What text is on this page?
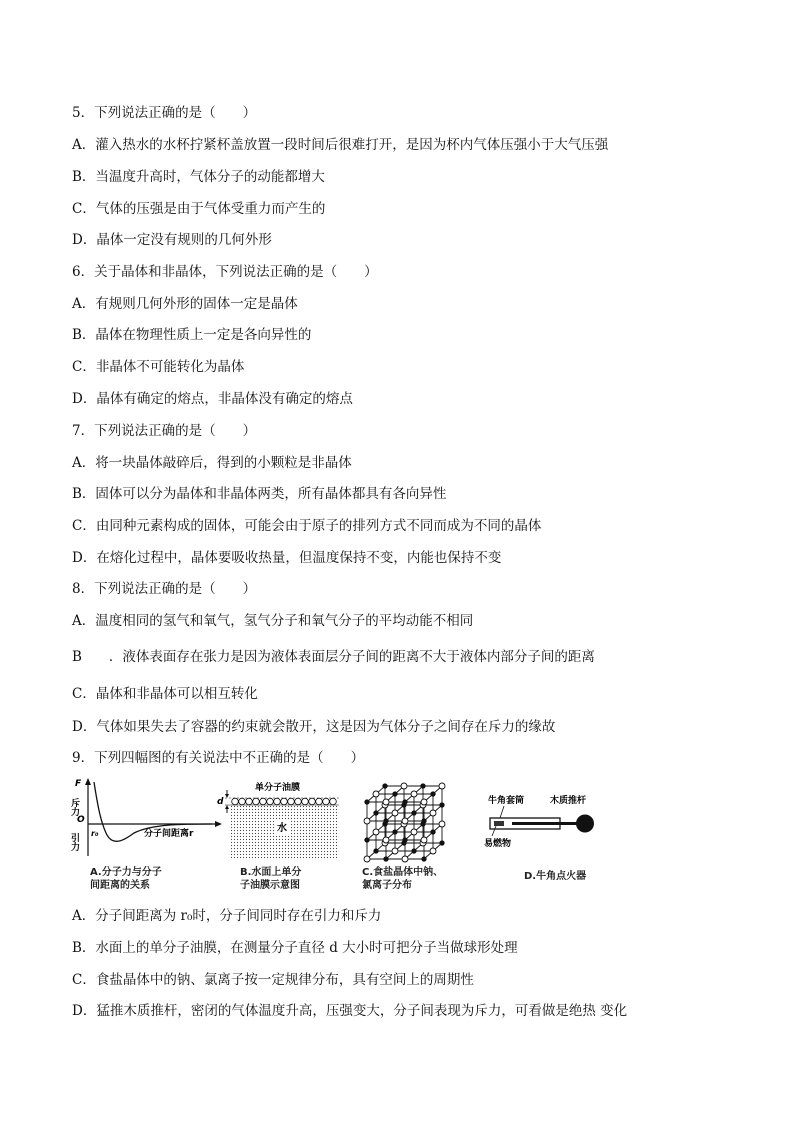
5．下列说法正确的是（　　）
A．灌入热水的水杯拧紧杯盖放置一段时间后很难打开，是因为杯内气体压强小于大气压强
B．当温度升高时，气体分子的动能都增大
C．气体的压强是由于气体受重力而产生的
D．晶体一定没有规则的几何外形
6．关于晶体和非晶体，下列说法正确的是（　　）
A．有规则几何外形的固体一定是晶体
B．晶体在物理性质上一定是各向异性的
C．非晶体不可能转化为晶体
D．晶体有确定的熔点，非晶体没有确定的熔点
7．下列说法正确的是（　　）
A．将一块晶体敲碎后，得到的小颗粒是非晶体
B．固体可以分为晶体和非晶体两类，所有晶体都具有各向异性
C．由同种元素构成的固体，可能会由于原子的排列方式不同而成为不同的晶体
D．在熔化过程中，晶体要吸收热量，但温度保持不变，内能也保持不变
8．下列说法正确的是（　　）
A．温度相同的氢气和氧气，氢气分子和氧气分子的平均动能不相同
B　　．液体表面存在张力是因为液体表面层分子间的距离不大于液体内部分子间的距离
C．晶体和非晶体可以相互转化
D．气体如果失去了容器的约束就会散开，这是因为气体分子之间存在斥力的缘故
9．下列四幅图的有关说法中不正确的是（　　）
F
斥力
O
引力 r₀	分子间距离r
A.分子力与分子
间距离的关系
d
单分子油膜
水
B.水面上单分
子油膜示意图
C.食盐晶体中钠、
氯离子分布
牛角套筒	木质推杆
易燃物
D.牛角点火器
A．分子间距离为 r₀时，分子间同时存在引力和斥力
B．水面上的单分子油膜，在测量分子直径 d 大小时可把分子当做球形处理
C．食盐晶体中的钠、氯离子按一定规律分布，具有空间上的周期性
D．猛推木质推杆，密闭的气体温度升高，压强变大，分子间表现为斥力，可看做是绝热 变化
